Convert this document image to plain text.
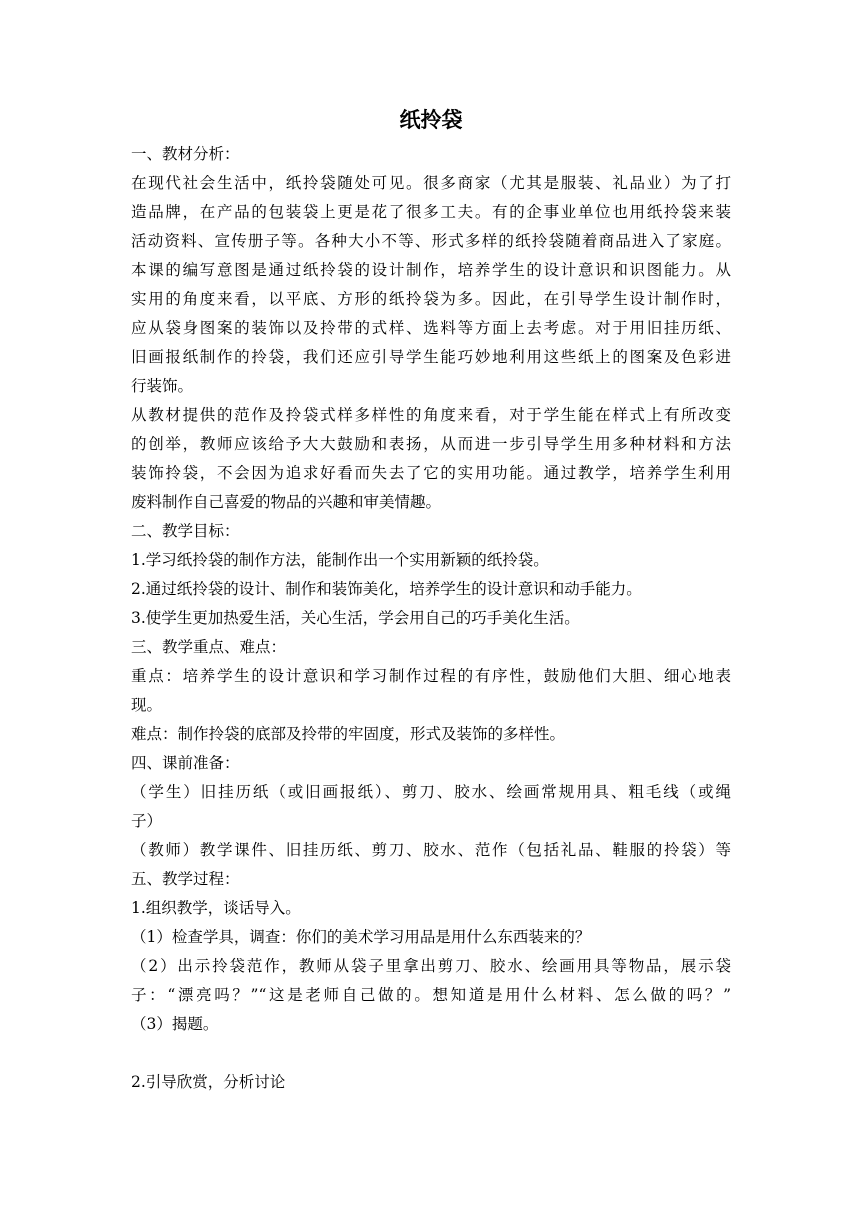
纸拎袋

一、教材分析：

在现代社会生活中，纸拎袋随处可见。很多商家（尤其是服装、礼品业）为了打

造品牌，在产品的包装袋上更是花了很多工夫。有的企事业单位也用纸拎袋来装

活动资料、宣传册子等。各种大小不等、形式多样的纸拎袋随着商品进入了家庭。

本课的编写意图是通过纸拎袋的设计制作，培养学生的设计意识和识图能力。从

实用的角度来看，以平底、方形的纸拎袋为多。因此，在引导学生设计制作时，

应从袋身图案的装饰以及拎带的式样、选料等方面上去考虑。对于用旧挂历纸、

旧画报纸制作的拎袋，我们还应引导学生能巧妙地利用这些纸上的图案及色彩进

行装饰。

从教材提供的范作及拎袋式样多样性的角度来看，对于学生能在样式上有所改变

的创举，教师应该给予大大鼓励和表扬，从而进一步引导学生用多种材料和方法

装饰拎袋，不会因为追求好看而失去了它的实用功能。通过教学，培养学生利用

废料制作自己喜爱的物品的兴趣和审美情趣。

二、教学目标：

1.学习纸拎袋的制作方法，能制作出一个实用新颖的纸拎袋。

2.通过纸拎袋的设计、制作和装饰美化，培养学生的设计意识和动手能力。

3.使学生更加热爱生活，关心生活，学会用自己的巧手美化生活。

三、教学重点、难点：

重点：培养学生的设计意识和学习制作过程的有序性，鼓励他们大胆、细心地表

现。

难点：制作拎袋的底部及拎带的牢固度，形式及装饰的多样性。

四、课前准备：

（学生）旧挂历纸（或旧画报纸）、剪刀、胶水、绘画常规用具、粗毛线（或绳

子）

（教师）教学课件、旧挂历纸、剪刀、胶水、范作（包括礼品、鞋服的拎袋）等

五、教学过程：

1.组织教学，谈话导入。

（1）检查学具，调查：你们的美术学习用品是用什么东西装来的？

（2）出示拎袋范作，教师从袋子里拿出剪刀、胶水、绘画用具等物品，展示袋

子：“漂亮吗？”“这是老师自己做的。想知道是用什么材料、怎么做的吗？”

（3）揭题。

2.引导欣赏，分析讨论
